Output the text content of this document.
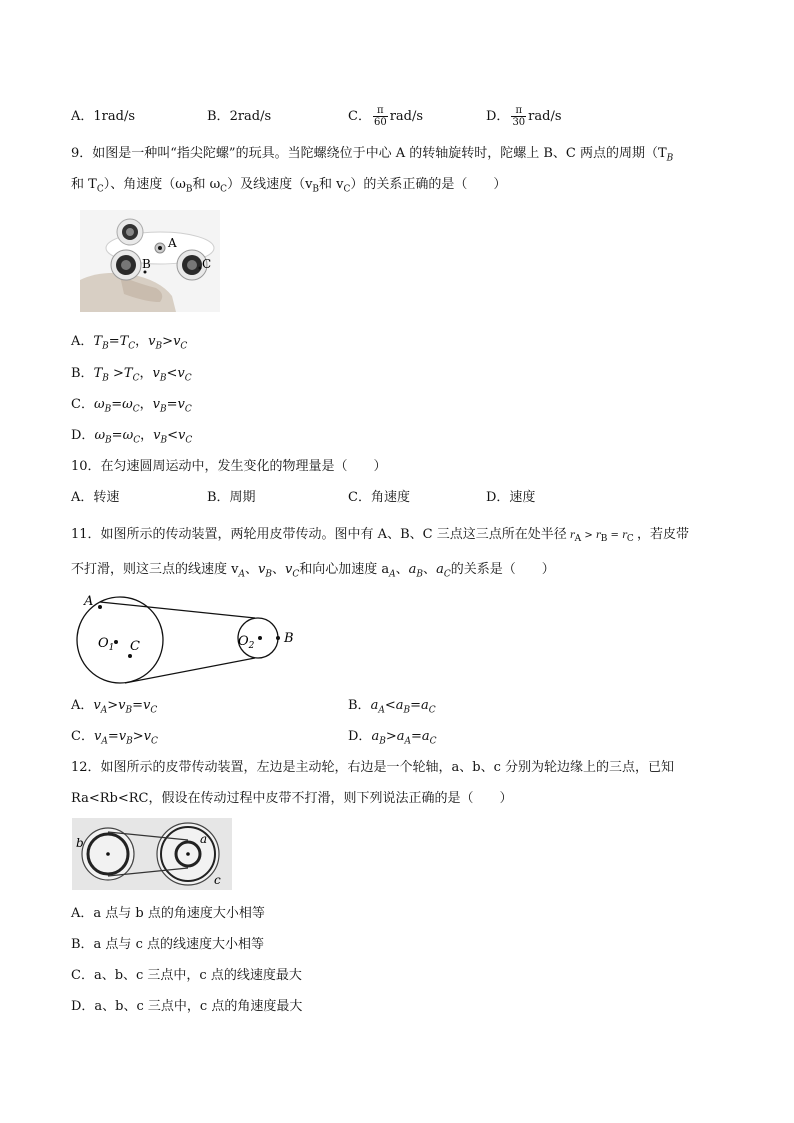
A．1rad/s	B．2rad/s	C． $\frac{\pi}{60} rad/s$	D． $\frac{\pi}{30} rad/s$
9．如图是一种叫“指尖陀螺”的玩具。当陀螺绕位于中心 A 的转轴旋转时，陀螺上 B、C 两点的周期（$T_B$
和 $T_C$）、角速度（$\omega_B$和 $\omega_C$）及线速度（$v_B$和 $v_C$）的关系正确的是（　　）
A
B	C
A．$T_B=T_C$，$v_B>v_C$
B．$T_B >T_C$，$v_B<v_C$
C．$\omega_B=\omega_C$，$v_B=v_C$
D．$\omega_B=\omega_C$，$v_B<v_C$
10．在匀速圆周运动中，发生变化的物理量是（　　）
A．转速	B．周期	C．角速度	D．速度
11．如图所示的传动装置，两轮用皮带传动。图中有 A、B、C 三点这三点所在处半径 $r_A > r_B = r_C$ ，若皮带
不打滑，则这三点的线速度 $v_A$、$v_B$、$v_C$和向心加速度 $a_A$、$a_B$、$a_C$的关系是（　　）
A
$O_1$ C	$O_2$ B
A．$v_A>v_B=v_C$	B．$a_A<a_B=a_C$
C．$v_A=v_B>v_C$	D．$a_B>a_A=a_C$
12．如图所示的皮带传动装置，左边是主动轮，右边是一个轮轴，a、b、c 分别为轮边缘上的三点，已知
Ra<Rb<RC，假设在传动过程中皮带不打滑，则下列说法正确的是（　　）
b	a
c
A．a 点与 b 点的角速度大小相等
B．a 点与 c 点的线速度大小相等
C．a、b、c 三点中，c 点的线速度最大
D．a、b、c 三点中，c 点的角速度最大
